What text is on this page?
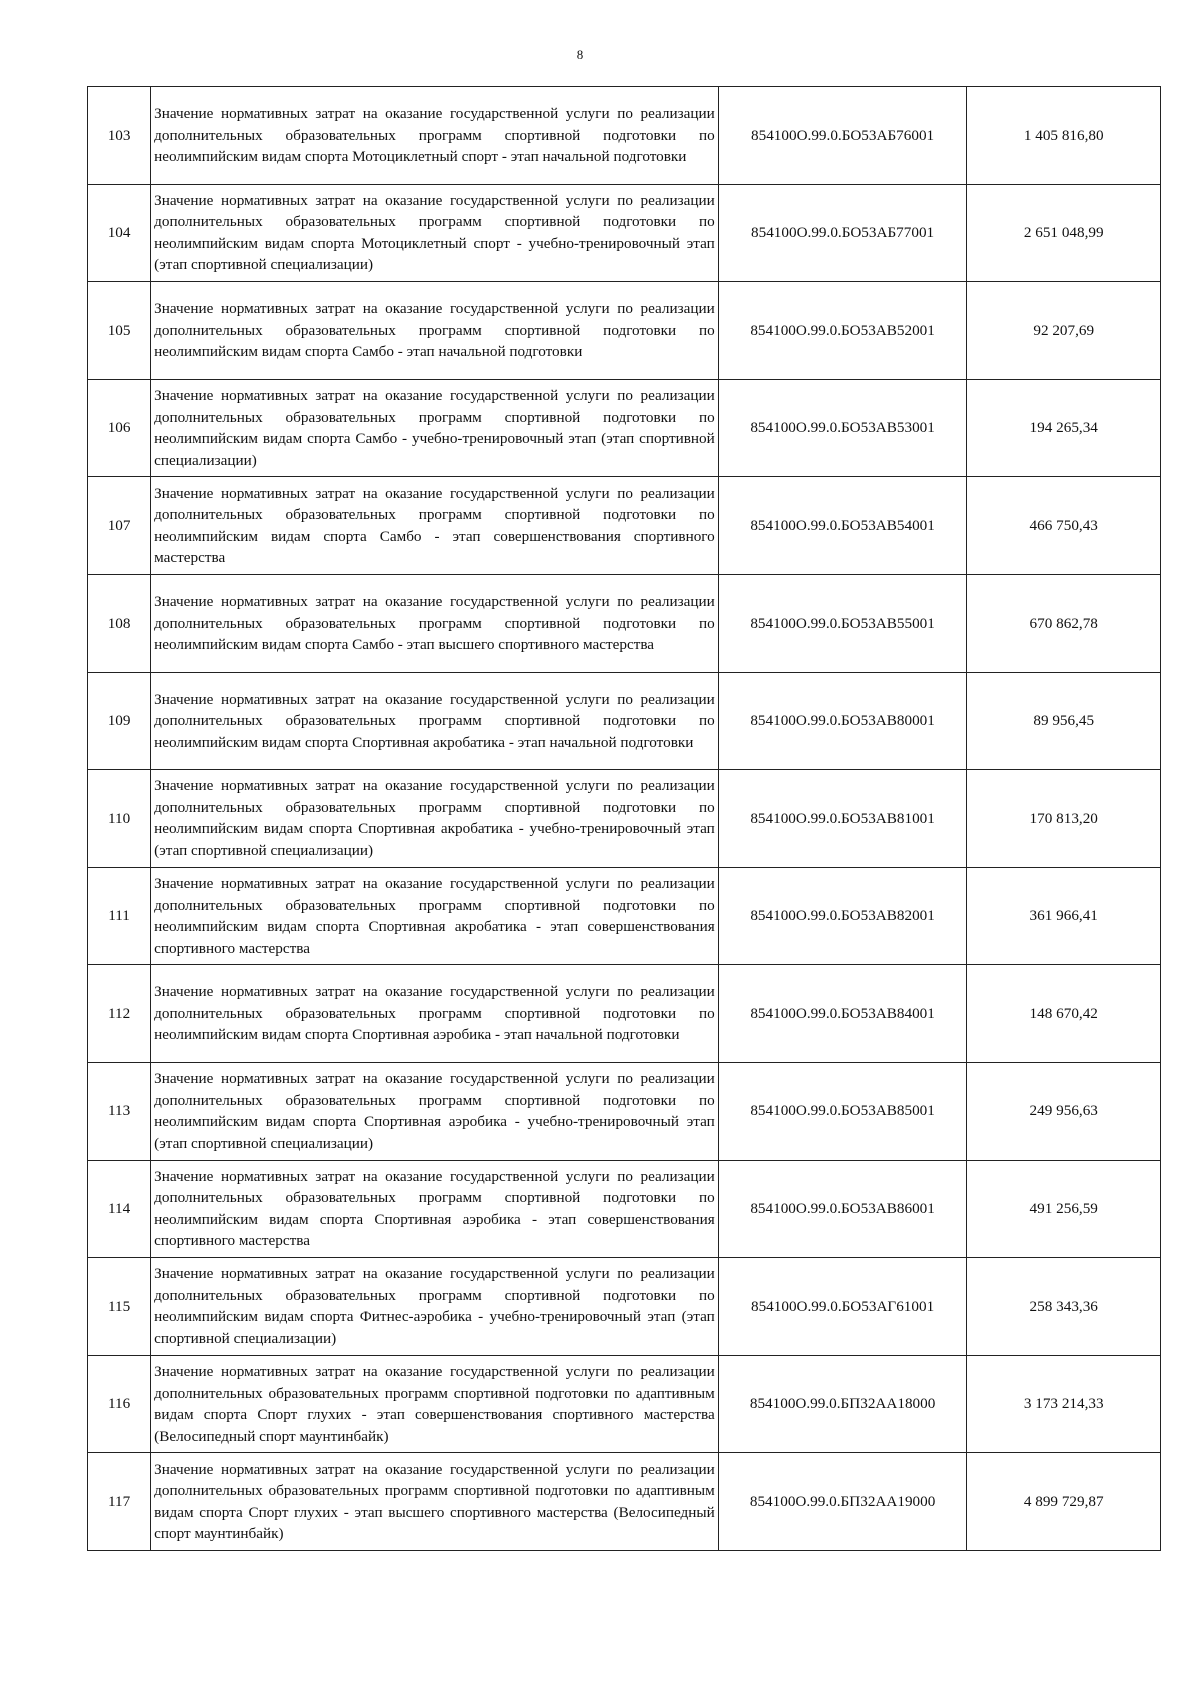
8
103	Значение нормативных затрат на оказание государственной услуги по реализации дополнительных образовательных программ спортивной подготовки по неолимпийским видам спорта Мотоциклетный спорт - этап начальной подготовки	854100О.99.0.БО53АБ76001	1 405 816,80
104	Значение нормативных затрат на оказание государственной услуги по реализации дополнительных образовательных программ спортивной подготовки по неолимпийским видам спорта Мотоциклетный спорт - учебно-тренировочный этап (этап спортивной специализации)	854100О.99.0.БО53АБ77001	2 651 048,99
105	Значение нормативных затрат на оказание государственной услуги по реализации дополнительных образовательных программ спортивной подготовки по неолимпийским видам спорта Самбо - этап начальной подготовки	854100О.99.0.БО53АВ52001	92 207,69
106	Значение нормативных затрат на оказание государственной услуги по реализации дополнительных образовательных программ спортивной подготовки по неолимпийским видам спорта Самбо - учебно-тренировочный этап (этап спортивной специализации)	854100О.99.0.БО53АВ53001	194 265,34
107	Значение нормативных затрат на оказание государственной услуги по реализации дополнительных образовательных программ спортивной подготовки по неолимпийским видам спорта Самбо - этап совершенствования спортивного мастерства	854100О.99.0.БО53АВ54001	466 750,43
108	Значение нормативных затрат на оказание государственной услуги по реализации дополнительных образовательных программ спортивной подготовки по неолимпийским видам спорта Самбо - этап высшего спортивного мастерства	854100О.99.0.БО53АВ55001	670 862,78
109	Значение нормативных затрат на оказание государственной услуги по реализации дополнительных образовательных программ спортивной подготовки по неолимпийским видам спорта Спортивная акробатика - этап начальной подготовки	854100О.99.0.БО53АВ80001	89 956,45
110	Значение нормативных затрат на оказание государственной услуги по реализации дополнительных образовательных программ спортивной подготовки по неолимпийским видам спорта Спортивная акробатика - учебно-тренировочный этап (этап спортивной специализации)	854100О.99.0.БО53АВ81001	170 813,20
111	Значение нормативных затрат на оказание государственной услуги по реализации дополнительных образовательных программ спортивной подготовки по неолимпийским видам спорта Спортивная акробатика - этап совершенствования спортивного мастерства	854100О.99.0.БО53АВ82001	361 966,41
112	Значение нормативных затрат на оказание государственной услуги по реализации дополнительных образовательных программ спортивной подготовки по неолимпийским видам спорта Спортивная аэробика - этап начальной подготовки	854100О.99.0.БО53АВ84001	148 670,42
113	Значение нормативных затрат на оказание государственной услуги по реализации дополнительных образовательных программ спортивной подготовки по неолимпийским видам спорта Спортивная аэробика - учебно-тренировочный этап (этап спортивной специализации)	854100О.99.0.БО53АВ85001	249 956,63
114	Значение нормативных затрат на оказание государственной услуги по реализации дополнительных образовательных программ спортивной подготовки по неолимпийским видам спорта Спортивная аэробика - этап совершенствования спортивного мастерства	854100О.99.0.БО53АВ86001	491 256,59
115	Значение нормативных затрат на оказание государственной услуги по реализации дополнительных образовательных программ спортивной подготовки по неолимпийским видам спорта Фитнес-аэробика - учебно-тренировочный этап (этап спортивной специализации)	854100О.99.0.БО53АГ61001	258 343,36
116	Значение нормативных затрат на оказание государственной услуги по реализации дополнительных образовательных программ спортивной подготовки по адаптивным видам спорта Спорт глухих - этап совершенствования спортивного мастерства (Велосипедный спорт маунтинбайк)	854100О.99.0.БП32АА18000	3 173 214,33
117	Значение нормативных затрат на оказание государственной услуги по реализации дополнительных образовательных программ спортивной подготовки по адаптивным видам спорта Спорт глухих - этап высшего спортивного мастерства (Велосипедный спорт маунтинбайк)	854100О.99.0.БП32АА19000	4 899 729,87
